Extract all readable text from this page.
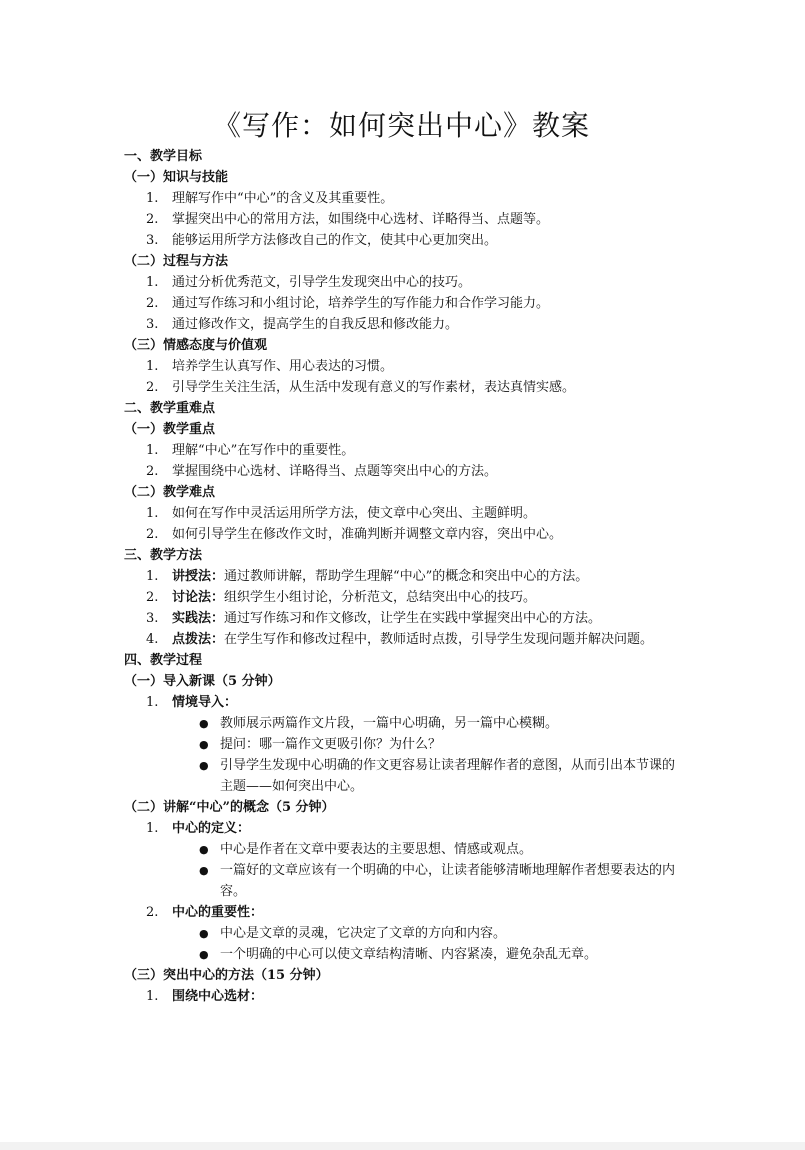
《写作：如何突出中心》教案
一、教学目标
（一）知识与技能
1. 理解写作中“中心”的含义及其重要性。
2. 掌握突出中心的常用方法，如围绕中心选材、详略得当、点题等。
3. 能够运用所学方法修改自己的作文，使其中心更加突出。
（二）过程与方法
1. 通过分析优秀范文，引导学生发现突出中心的技巧。
2. 通过写作练习和小组讨论，培养学生的写作能力和合作学习能力。
3. 通过修改作文，提高学生的自我反思和修改能力。
（三）情感态度与价值观
1. 培养学生认真写作、用心表达的习惯。
2. 引导学生关注生活，从生活中发现有意义的写作素材，表达真情实感。
二、教学重难点
（一）教学重点
1. 理解“中心”在写作中的重要性。
2. 掌握围绕中心选材、详略得当、点题等突出中心的方法。
（二）教学难点
1. 如何在写作中灵活运用所学方法，使文章中心突出、主题鲜明。
2. 如何引导学生在修改作文时，准确判断并调整文章内容，突出中心。
三、教学方法
1. 讲授法：通过教师讲解，帮助学生理解“中心”的概念和突出中心的方法。
2. 讨论法：组织学生小组讨论，分析范文，总结突出中心的技巧。
3. 实践法：通过写作练习和作文修改，让学生在实践中掌握突出中心的方法。
4. 点拨法：在学生写作和修改过程中，教师适时点拨，引导学生发现问题并解决问题。
四、教学过程
（一）导入新课（5 分钟）
1. 情境导入：
● 教师展示两篇作文片段，一篇中心明确，另一篇中心模糊。
● 提问：哪一篇作文更吸引你？为什么？
● 引导学生发现中心明确的作文更容易让读者理解作者的意图，从而引出本节课的主题——如何突出中心。
（二）讲解“中心”的概念（5 分钟）
1. 中心的定义：
● 中心是作者在文章中要表达的主要思想、情感或观点。
● 一篇好的文章应该有一个明确的中心，让读者能够清晰地理解作者想要表达的内容。
2. 中心的重要性：
● 中心是文章的灵魂，它决定了文章的方向和内容。
● 一个明确的中心可以使文章结构清晰、内容紧凑，避免杂乱无章。
（三）突出中心的方法（15 分钟）
1. 围绕中心选材：
